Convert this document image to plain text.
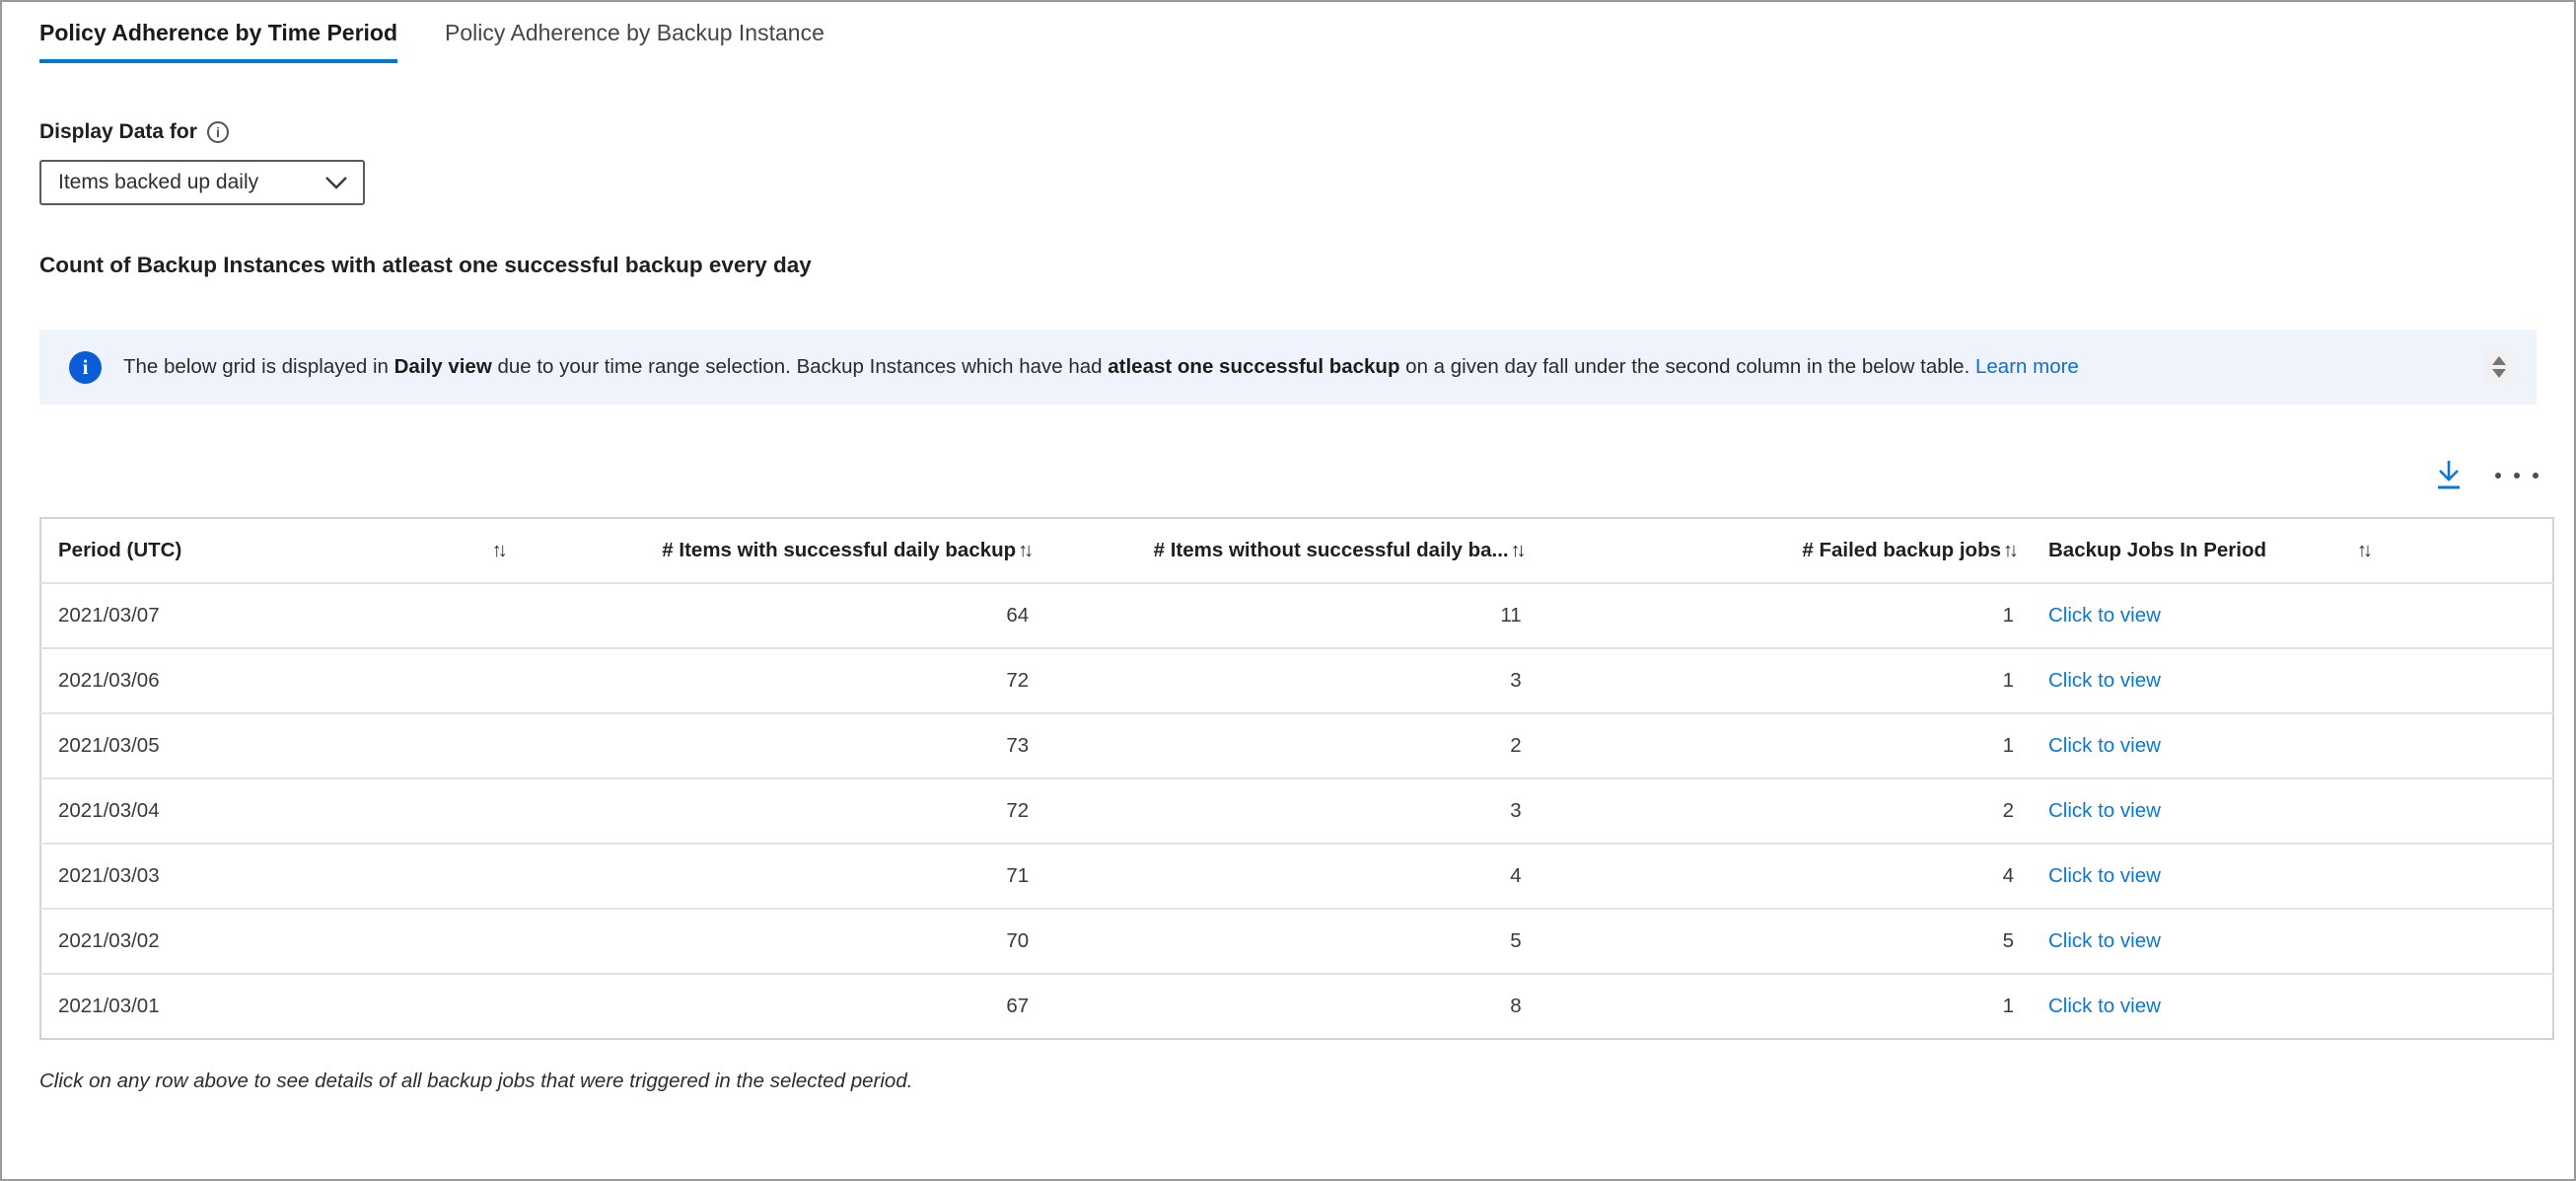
Policy Adherence by Time Period Policy Adherence by Backup Instance
Display Data for	i
Items backed up daily
Count of Backup Instances with atleast one successful backup every day
i	The below grid is displayed in Daily view due to your time range selection. Backup Instances which have had atleast one successful backup on a given day fall under the second column in the below table. Learn more
Period (UTC) ↑↓	# Items with successful daily backup ↑↓	# Items without successful daily ba... ↑↓	# Failed backup jobs ↑↓	Backup Jobs In Period ↑↓

2021/03/07	64	11	1	Click to view
2021/03/06	72	3	1	Click to view
2021/03/05	73	2	1	Click to view
2021/03/04	72	3	2	Click to view
2021/03/03	71	4	4	Click to view
2021/03/02	70	5	5	Click to view
2021/03/01	67	8	1	Click to view
Click on any row above to see details of all backup jobs that were triggered in the selected period.
